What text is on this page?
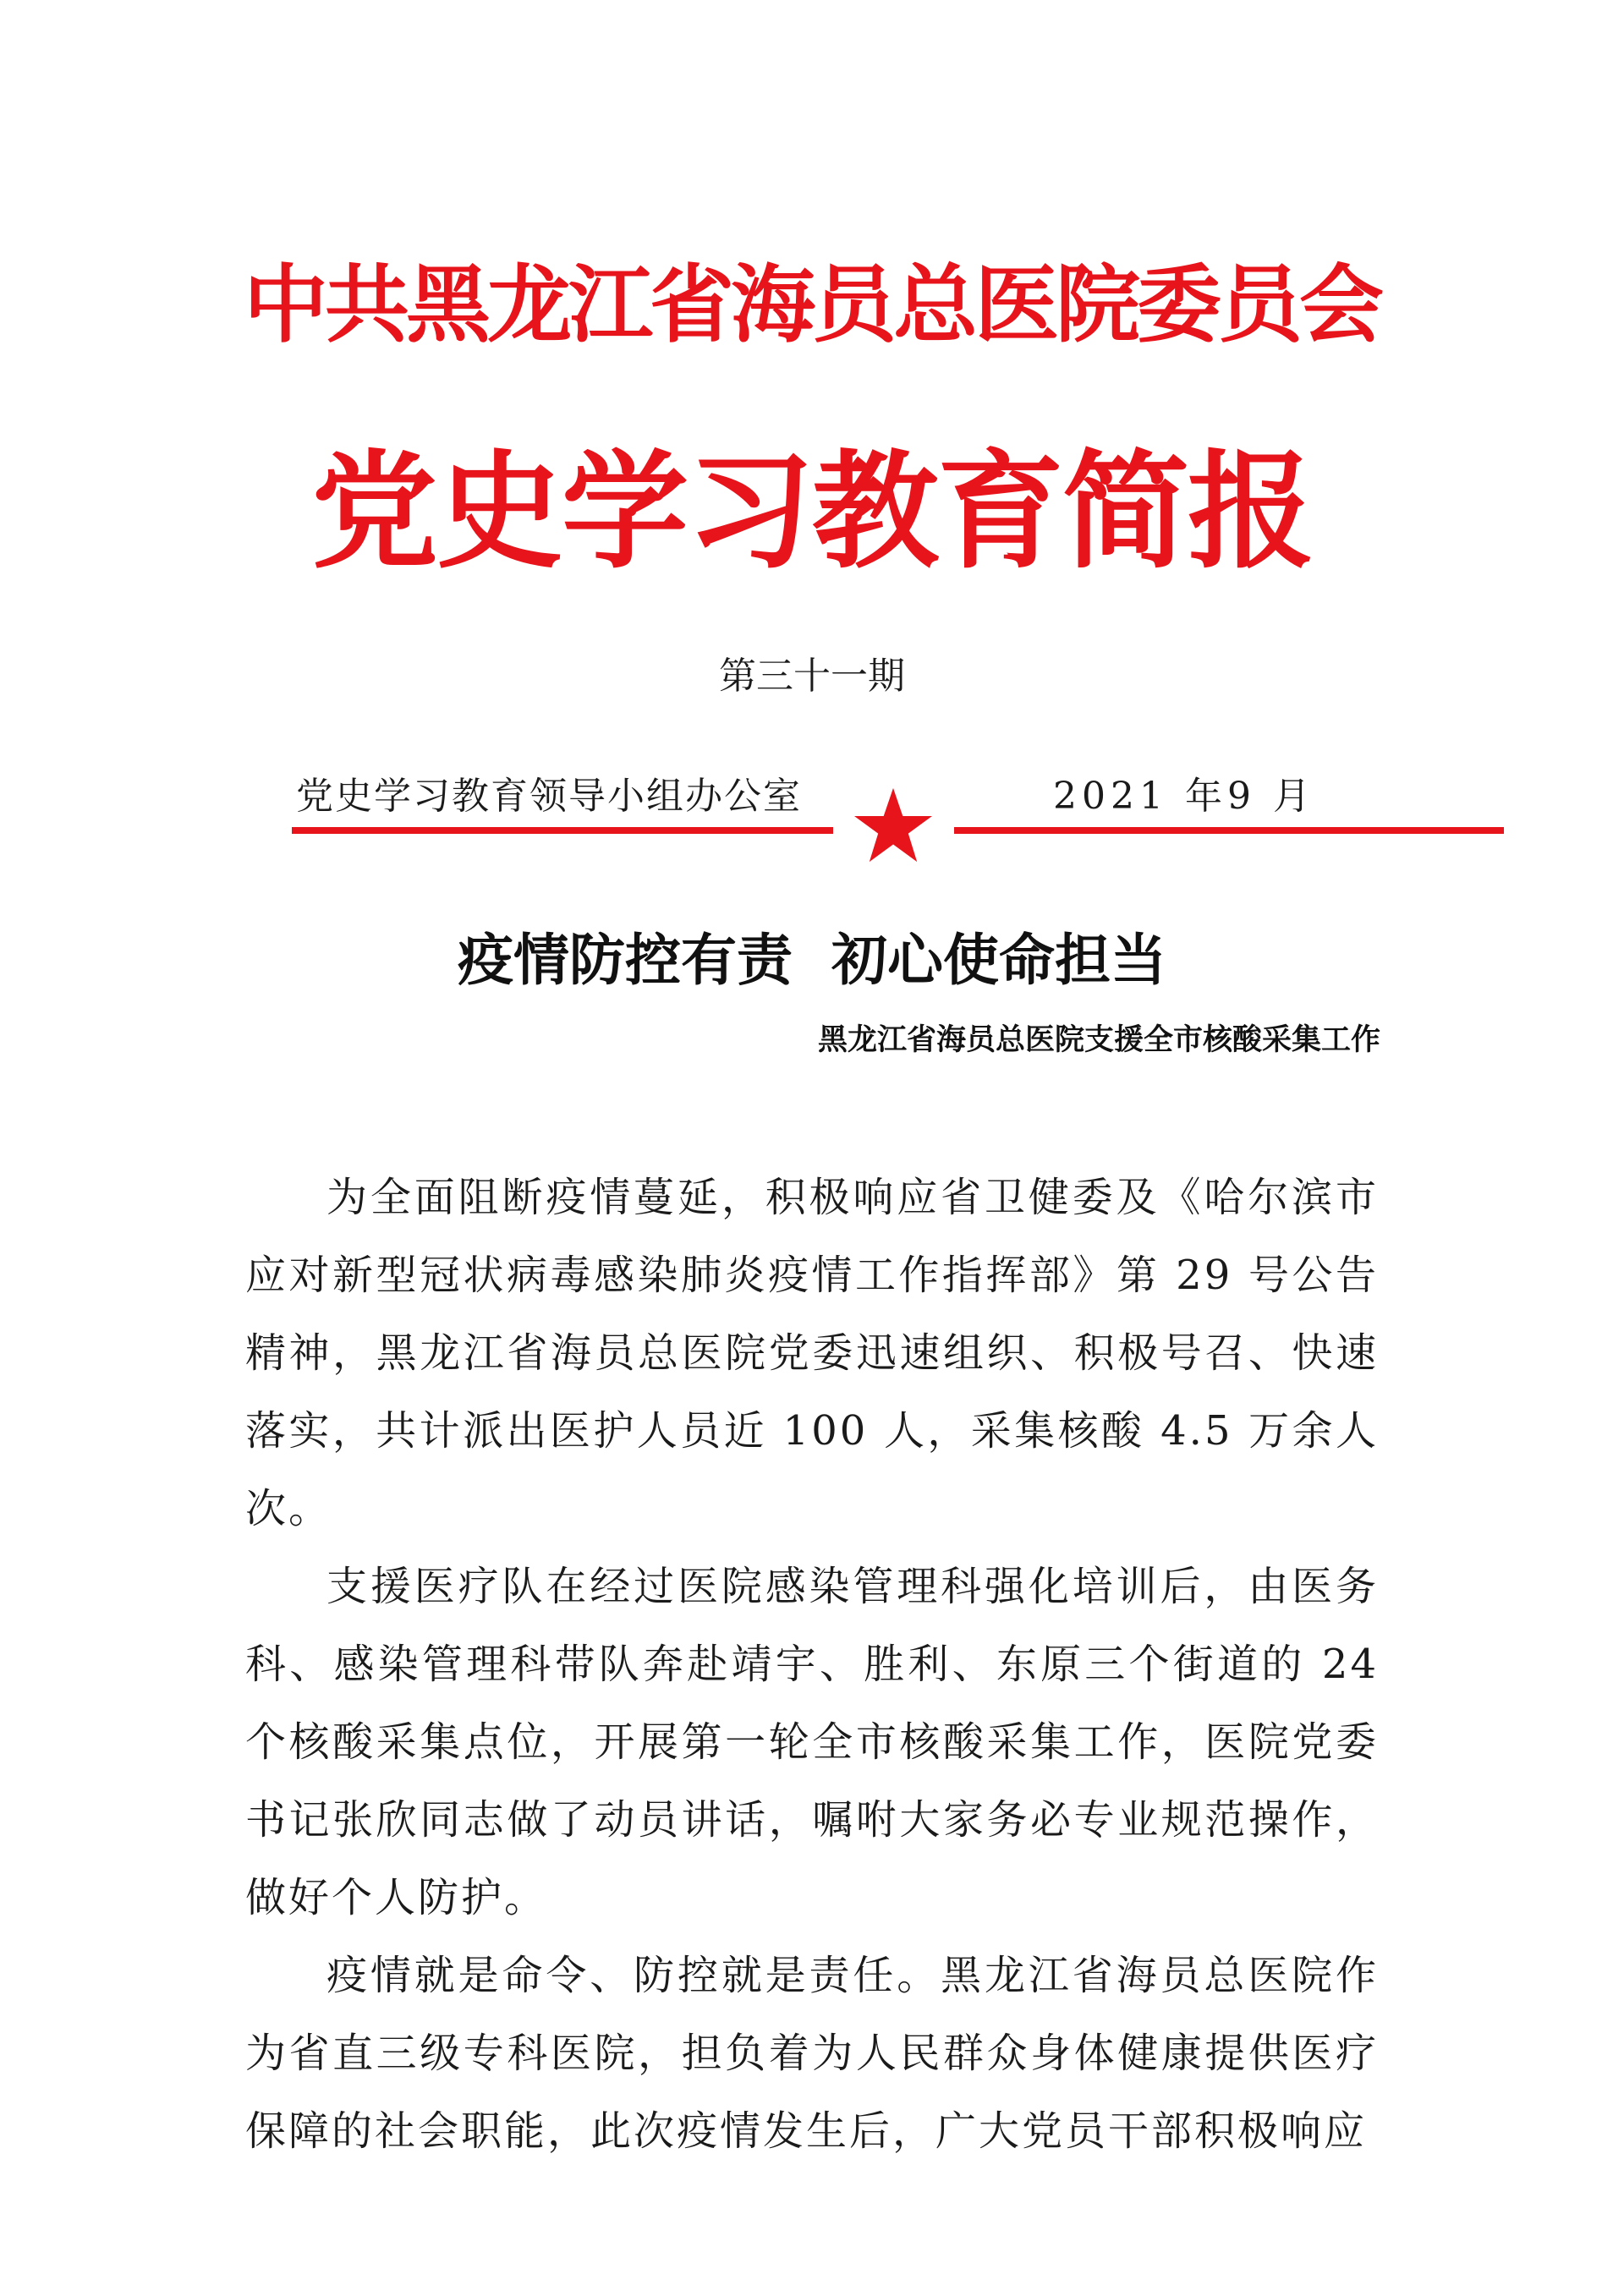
中共黑龙江省海员总医院委员会
党史学习教育简报
第三十一期
党史学习教育领导小组办公室	2021 年9 月
疫情防控有责  初心使命担当
黑龙江省海员总医院支援全市核酸采集工作

为全面阻断疫情蔓延，积极响应省卫健委及《哈尔滨市应对新型冠状病毒感染肺炎疫情工作指挥部》第 29 号公告精神，黑龙江省海员总医院党委迅速组织、积极号召、快速落实，共计派出医护人员近 100 人，采集核酸 4.5 万余人次。

支援医疗队在经过医院感染管理科强化培训后，由医务科、感染管理科带队奔赴靖宇、胜利、东原三个街道的 24个核酸采集点位，开展第一轮全市核酸采集工作，医院党委书记张欣同志做了动员讲话，嘱咐大家务必专业规范操作，做好个人防护。

疫情就是命令、防控就是责任。黑龙江省海员总医院作为省直三级专科医院，担负着为人民群众身体健康提供医疗保障的社会职能，此次疫情发生后，广大党员干部积极响应
